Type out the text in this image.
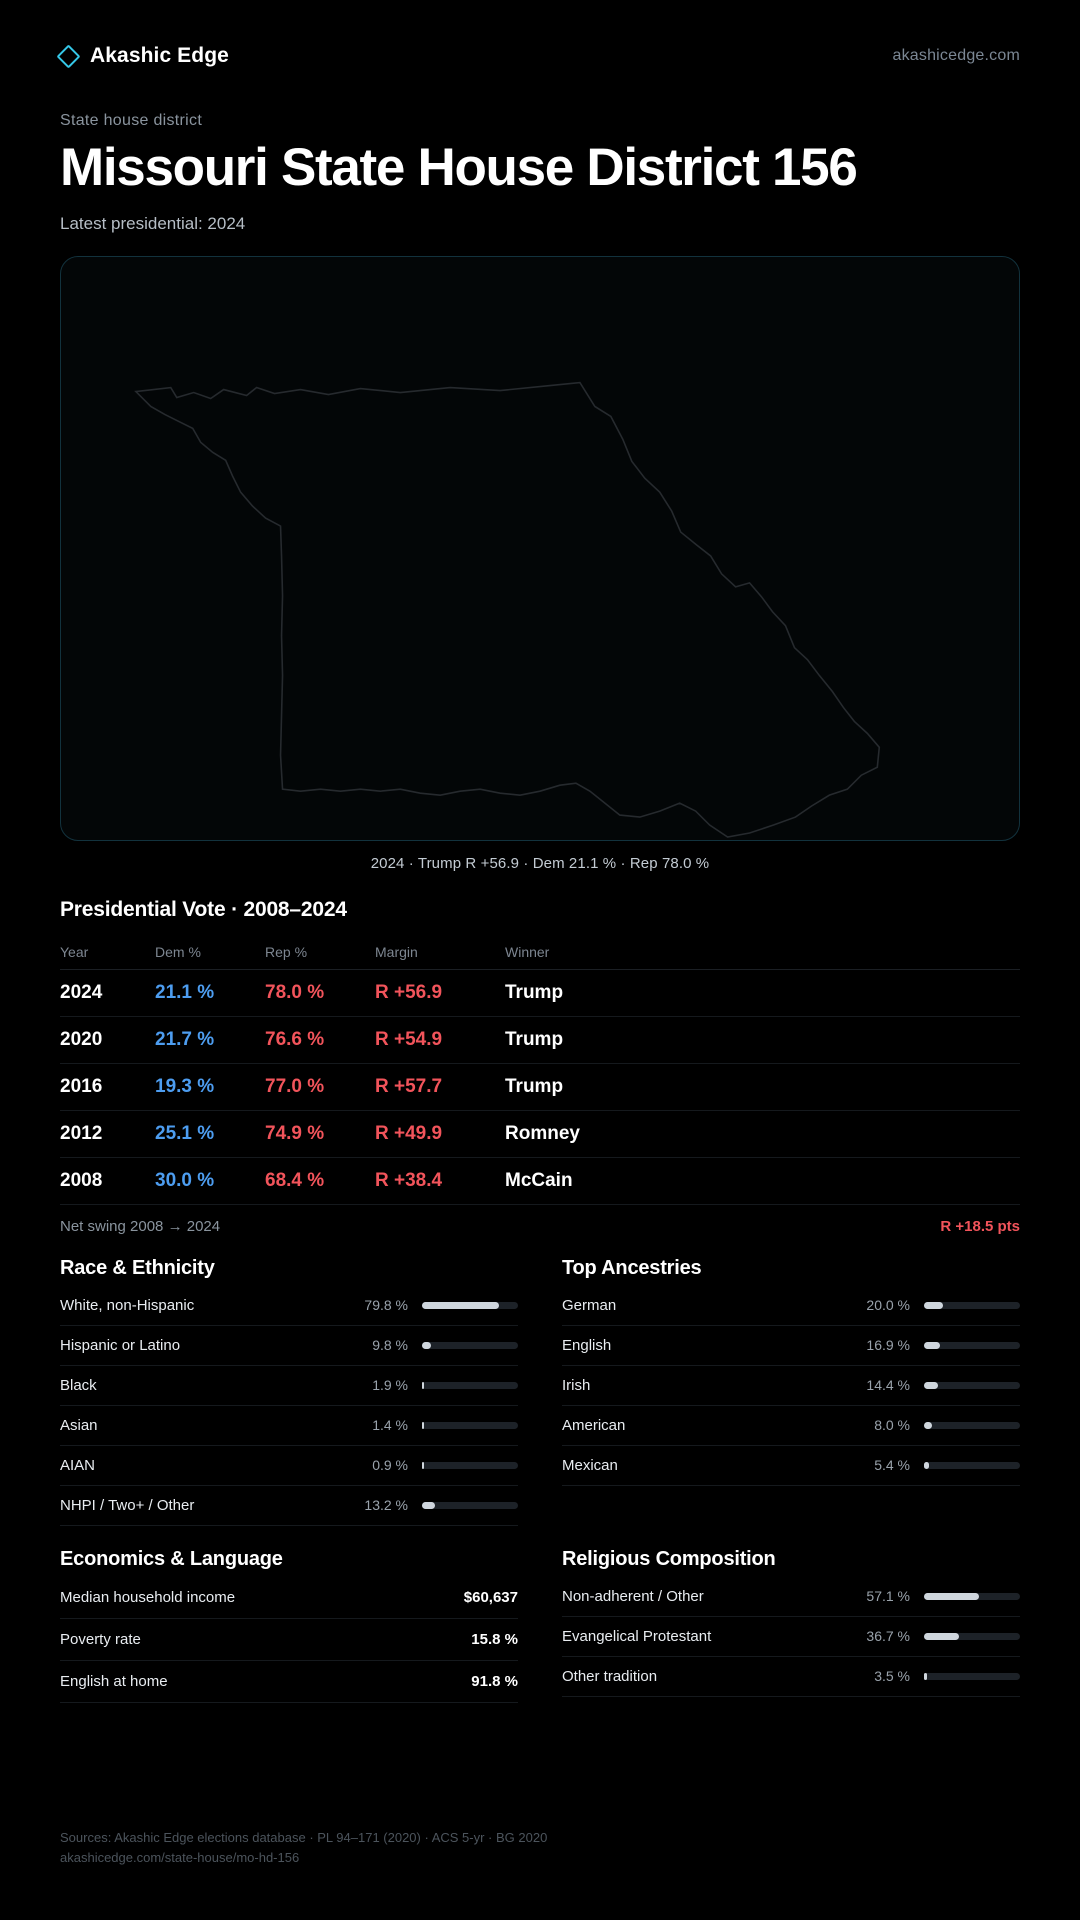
Akashic Edge	akashicedge.com
State house district
Missouri State House District 156
Latest presidential: 2024
2024 · Trump R +56.9 · Dem 21.1 % · Rep 78.0 %
Presidential Vote · 2008–2024
Year	Dem %	Rep %	Margin	Winner
2024	21.1 %	78.0 %	R +56.9	Trump
2020	21.7 %	76.6 %	R +54.9	Trump
2016	19.3 %	77.0 %	R +57.7	Trump
2012	25.1 %	74.9 %	R +49.9	Romney
2008	30.0 %	68.4 %	R +38.4	McCain
Net swing 2008 → 2024	R +18.5 pts
Race & Ethnicity
White, non-Hispanic	79.8 %
Hispanic or Latino	9.8 %
Black	1.9 %
Asian	1.4 %
AIAN	0.9 %
NHPI / Two+ / Other	13.2 %
Top Ancestries
German	20.0 %
English	16.9 %
Irish	14.4 %
American	8.0 %
Mexican	5.4 %
Economics & Language
Median household income	$60,637
Poverty rate	15.8 %
English at home	91.8 %
Religious Composition
Non-adherent / Other	57.1 %
Evangelical Protestant	36.7 %
Other tradition	3.5 %
Sources: Akashic Edge elections database · PL 94–171 (2020) · ACS 5-yr · BG 2020
akashicedge.com/state-house/mo-hd-156
